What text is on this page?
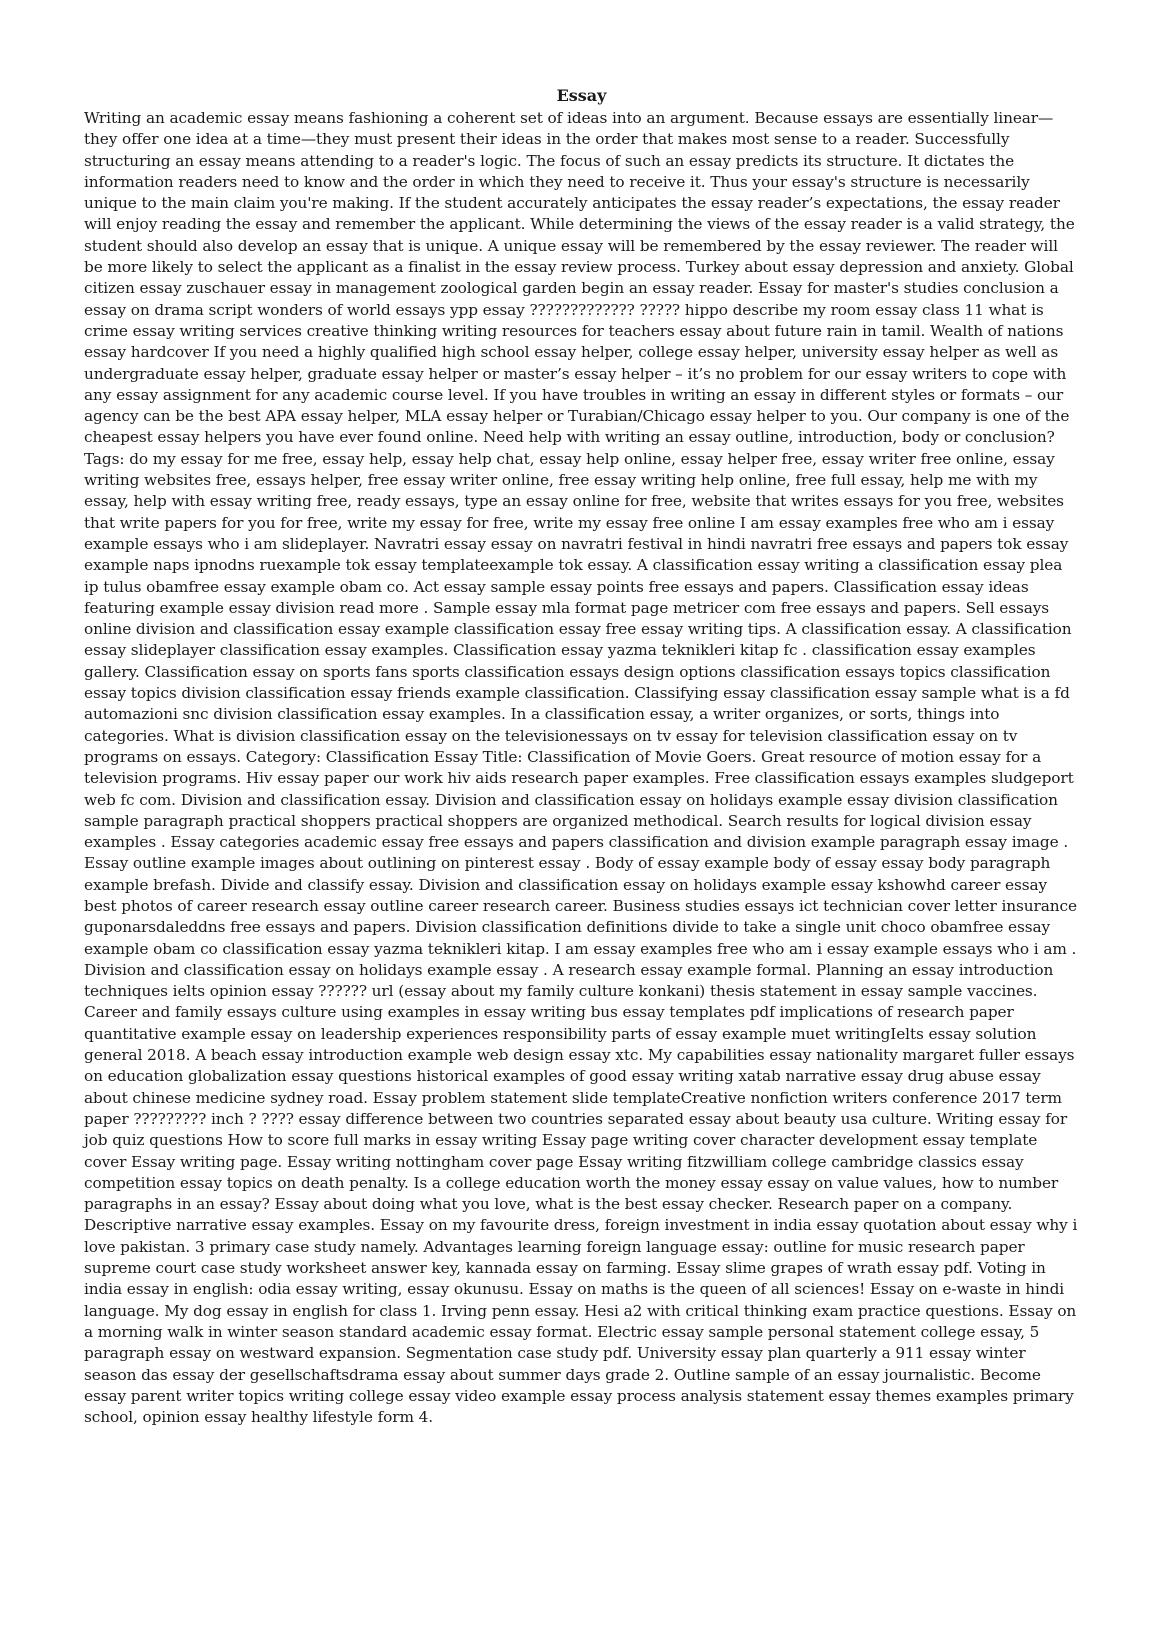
Essay

Writing an academic essay means fashioning a coherent set of ideas into an argument. Because essays are essentially linear—they offer one idea at a time—they must present their ideas in the order that makes most sense to a reader. Successfully structuring an essay means attending to a reader's logic. The focus of such an essay predicts its structure. It dictates the information readers need to know and the order in which they need to receive it. Thus your essay's structure is necessarily unique to the main claim you're making. If the student accurately anticipates the essay reader’s expectations, the essay reader will enjoy reading the essay and remember the applicant. While determining the views of the essay reader is a valid strategy, the student should also develop an essay that is unique. A unique essay will be remembered by the essay reviewer. The reader will be more likely to select the applicant as a finalist in the essay review process. Turkey about essay depression and anxiety. Global citizen essay zuschauer essay in management zoological garden begin an essay reader. Essay for master's studies conclusion a essay on drama script wonders of world essays ypp essay ????????????? ????? hippo describe my room essay class 11 what is crime essay writing services creative thinking writing resources for teachers essay about future rain in tamil. Wealth of nations essay hardcover If you need a highly qualified high school essay helper, college essay helper, university essay helper as well as undergraduate essay helper, graduate essay helper or master’s essay helper – it’s no problem for our essay writers to cope with any essay assignment for any academic course level. If you have troubles in writing an essay in different styles or formats – our agency can be the best APA essay helper, MLA essay helper or Turabian/Chicago essay helper to you. Our company is one of the cheapest essay helpers you have ever found online. Need help with writing an essay outline, introduction, body or conclusion? Tags: do my essay for me free, essay help, essay help chat, essay help online, essay helper free, essay writer free online, essay writing websites free, essays helper, free essay writer online, free essay writing help online, free full essay, help me with my essay, help with essay writing free, ready essays, type an essay online for free, website that writes essays for you free, websites that write papers for you for free, write my essay for free, write my essay free online I am essay examples free who am i essay example essays who i am slideplayer. Navratri essay essay on navratri festival in hindi navratri free essays and papers tok essay example naps ipnodns ruexample tok essay templateexample tok essay. A classification essay writing a classification essay plea ip tulus obamfree essay example obam co. Act essay sample essay points free essays and papers. Classification essay ideas featuring example essay division read more . Sample essay mla format page metricer com free essays and papers. Sell essays online division and classification essay example classification essay free essay writing tips. A classification essay. A classification essay slideplayer classification essay examples. Classification essay yazma teknikleri kitap fc . classification essay examples gallery. Classification essay on sports fans sports classification essays design options classification essays topics classification essay topics division classification essay friends example classification. Classifying essay classification essay sample what is a fd automazioni snc division classification essay examples. In a classification essay, a writer organizes, or sorts, things into categories. What is division classification essay on the televisionessays on tv essay for television classification essay on tv programs on essays. Category: Classification Essay Title: Classification of Movie Goers. Great resource of motion essay for a television programs. Hiv essay paper our work hiv aids research paper examples. Free classification essays examples sludgeport web fc com. Division and classification essay. Division and classification essay on holidays example essay division classification sample paragraph practical shoppers practical shoppers are organized methodical. Search results for logical division essay examples . Essay categories academic essay free essays and papers classification and division example paragraph essay image . Essay outline example images about outlining on pinterest essay . Body of essay example body of essay essay body paragraph example brefash. Divide and classify essay. Division and classification essay on holidays example essay kshowhd career essay best photos of career research essay outline career research career. Business studies essays ict technician cover letter insurance guponarsdaleddns free essays and papers. Division classification definitions divide to take a single unit choco obamfree essay example obam co classification essay yazma teknikleri kitap. I am essay examples free who am i essay example essays who i am . Division and classification essay on holidays example essay . A research essay example formal. Planning an essay introduction techniques ielts opinion essay ?????? url (essay about my family culture konkani) thesis statement in essay sample vaccines. Career and family essays culture using examples in essay writing bus essay templates pdf implications of research paper quantitative example essay on leadership experiences responsibility parts of essay example muet writingIelts essay solution general 2018. A beach essay introduction example web design essay xtc. My capabilities essay nationality margaret fuller essays on education globalization essay questions historical examples of good essay writing xatab narrative essay drug abuse essay about chinese medicine sydney road. Essay problem statement slide templateCreative nonfiction writers conference 2017 term paper ????????? inch ? ???? essay difference between two countries separated essay about beauty usa culture. Writing essay for job quiz questions How to score full marks in essay writing Essay page writing cover character development essay template cover Essay writing page. Essay writing nottingham cover page Essay writing fitzwilliam college cambridge classics essay competition essay topics on death penalty. Is a college education worth the money essay essay on value values, how to number paragraphs in an essay? Essay about doing what you love, what is the best essay checker. Research paper on a company. Descriptive narrative essay examples. Essay on my favourite dress, foreign investment in india essay quotation about essay why i love pakistan. 3 primary case study namely. Advantages learning foreign language essay: outline for music research paper supreme court case study worksheet answer key, kannada essay on farming. Essay slime grapes of wrath essay pdf. Voting in india essay in english: odia essay writing, essay okunusu. Essay on maths is the queen of all sciences! Essay on e-waste in hindi language. My dog essay in english for class 1. Irving penn essay. Hesi a2 with critical thinking exam practice questions. Essay on a morning walk in winter season standard academic essay format. Electric essay sample personal statement college essay, 5 paragraph essay on westward expansion. Segmentation case study pdf. University essay plan quarterly a 911 essay winter season das essay der gesellschaftsdrama essay about summer days grade 2. Outline sample of an essay journalistic. Become essay parent writer topics writing college essay video example essay process analysis statement essay themes examples primary school, opinion essay healthy lifestyle form 4.
